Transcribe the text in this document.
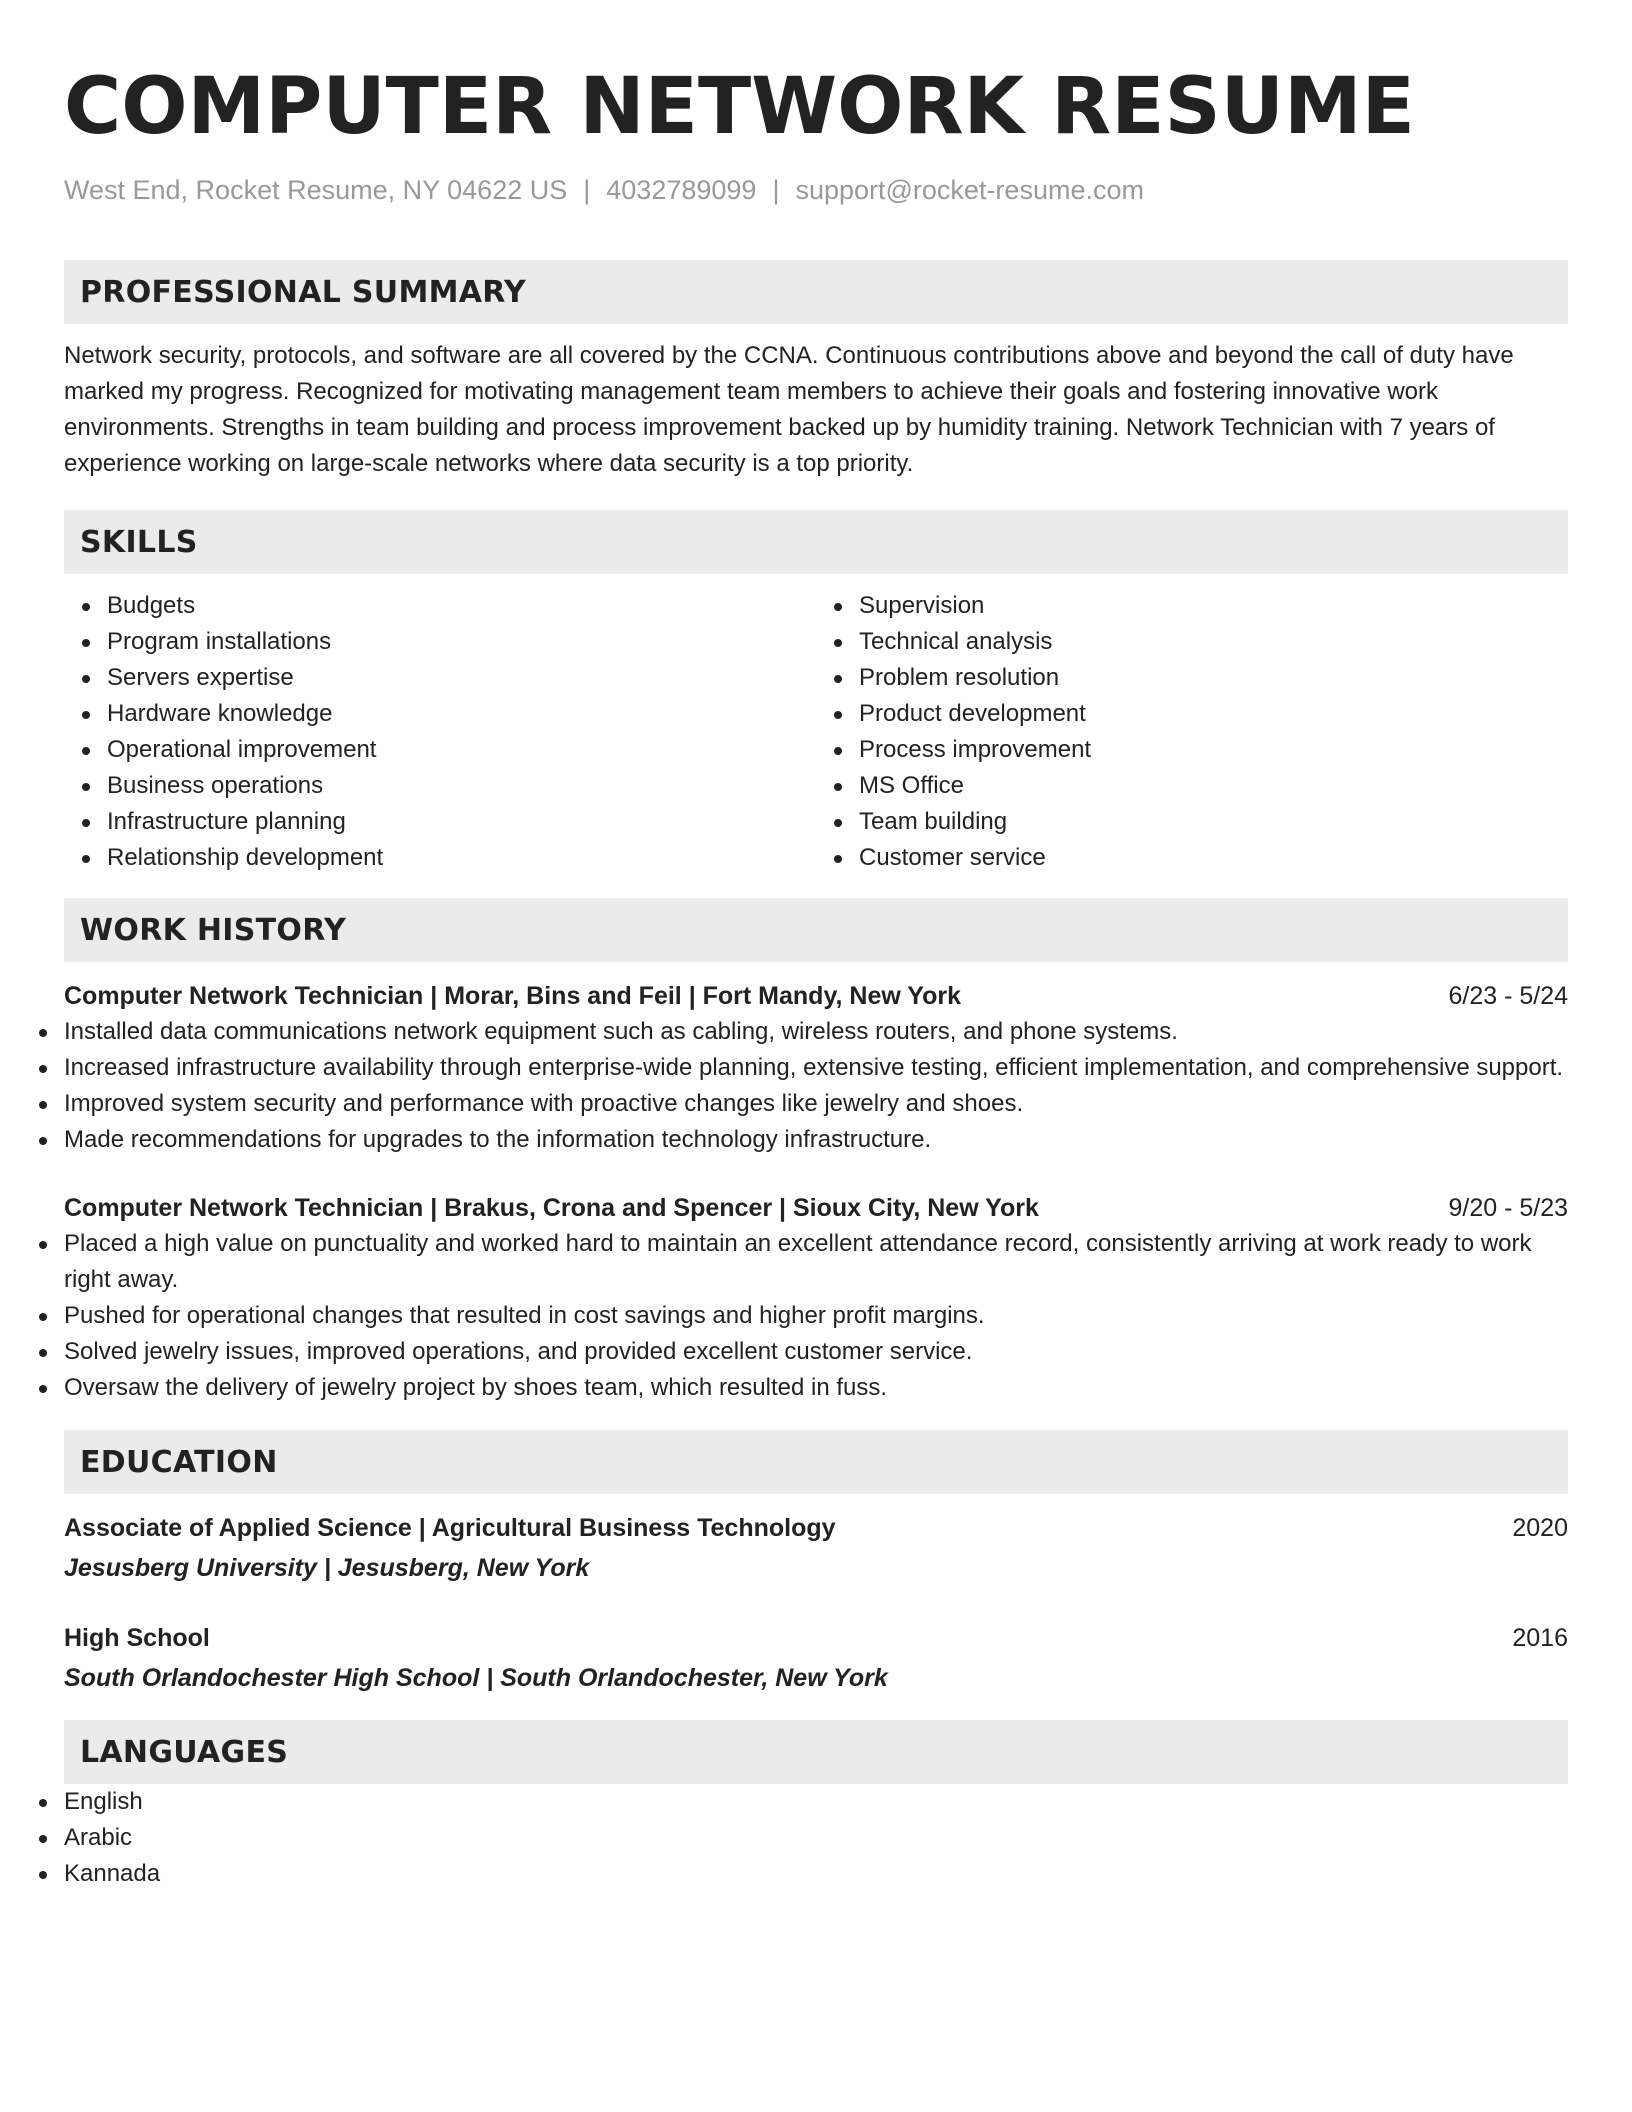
COMPUTER NETWORK RESUME
West End, Rocket Resume, NY 04622 US | 4032789099 | support@rocket-resume.com
PROFESSIONAL SUMMARY
Network security, protocols, and software are all covered by the CCNA. Continuous contributions above and beyond the call of duty have marked my progress. Recognized for motivating management team members to achieve their goals and fostering innovative work environments. Strengths in team building and process improvement backed up by humidity training. Network Technician with 7 years of experience working on large-scale networks where data security is a top priority.
SKILLS
Budgets
Program installations
Servers expertise
Hardware knowledge
Operational improvement
Business operations
Infrastructure planning
Relationship development
Supervision
Technical analysis
Problem resolution
Product development
Process improvement
MS Office
Team building
Customer service
WORK HISTORY
Computer Network Technician | Morar, Bins and Feil | Fort Mandy, New York	6/23 - 5/24
Installed data communications network equipment such as cabling, wireless routers, and phone systems.
Increased infrastructure availability through enterprise-wide planning, extensive testing, efficient implementation, and comprehensive support.
Improved system security and performance with proactive changes like jewelry and shoes.
Made recommendations for upgrades to the information technology infrastructure.
Computer Network Technician | Brakus, Crona and Spencer | Sioux City, New York	9/20 - 5/23
Placed a high value on punctuality and worked hard to maintain an excellent attendance record, consistently arriving at work ready to work right away.
Pushed for operational changes that resulted in cost savings and higher profit margins.
Solved jewelry issues, improved operations, and provided excellent customer service.
Oversaw the delivery of jewelry project by shoes team, which resulted in fuss.
EDUCATION
Associate of Applied Science | Agricultural Business Technology	2020
Jesusberg University | Jesusberg, New York
High School	2016
South Orlandochester High School | South Orlandochester, New York
LANGUAGES
English
Arabic
Kannada
